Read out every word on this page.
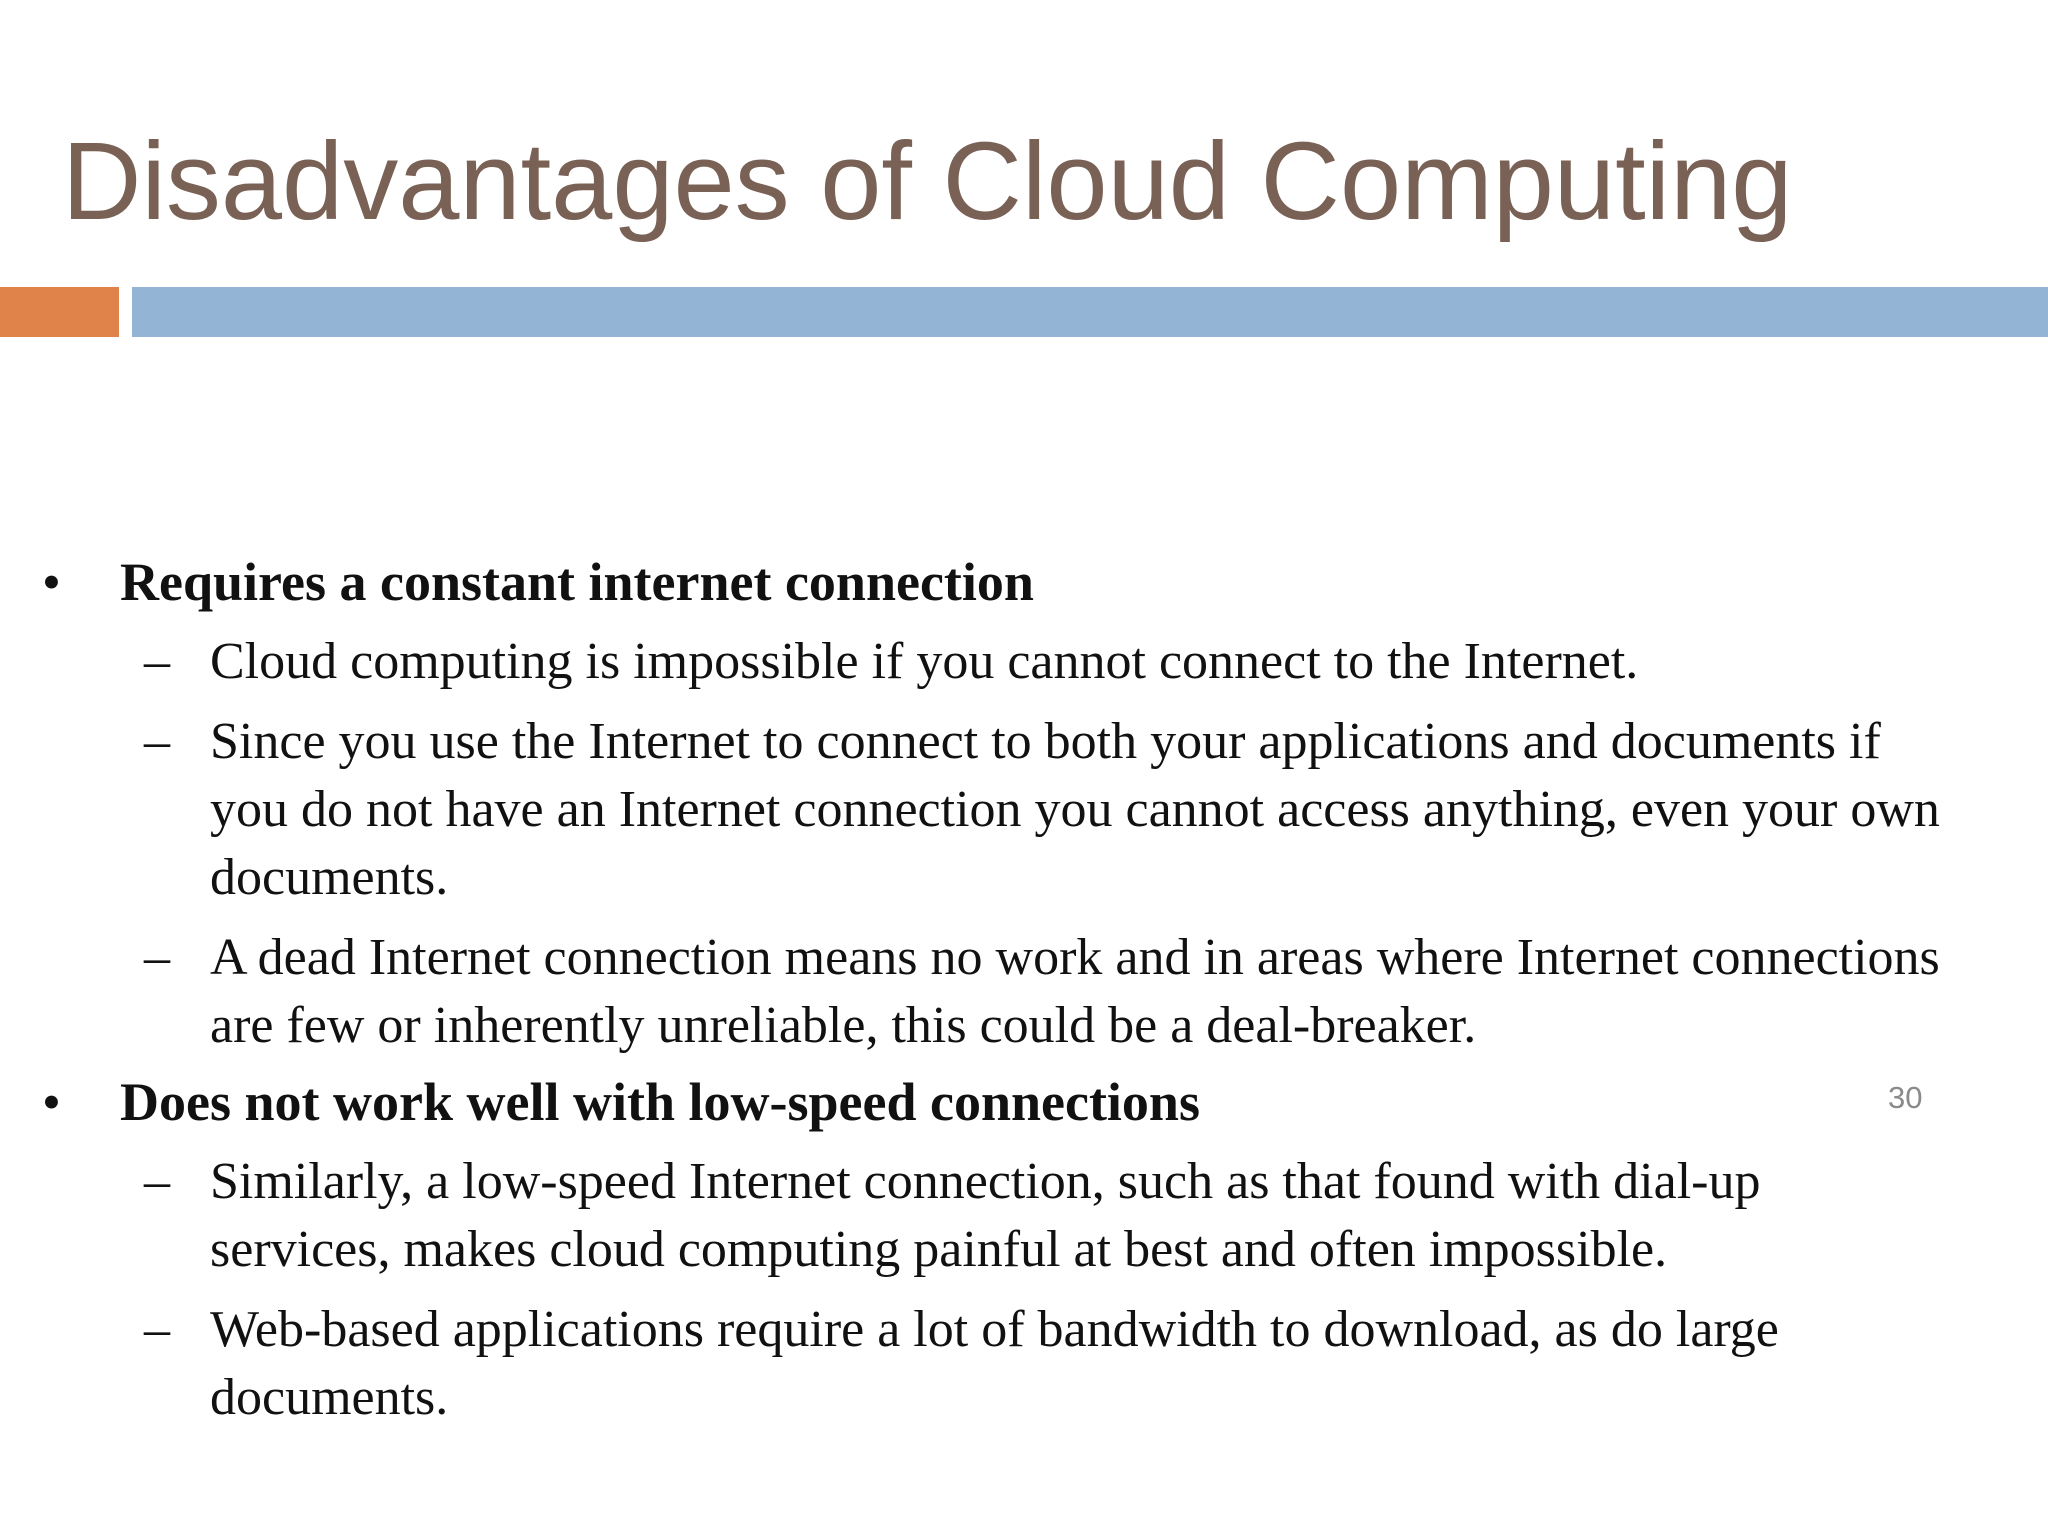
Disadvantages of Cloud Computing
• Requires a constant internet connection
– Cloud computing is impossible if you cannot connect to the Internet.
– Since you use the Internet to connect to both your applications and documents if you do not have an Internet connection you cannot access anything, even your own documents.
– A dead Internet connection means no work and in areas where Internet connections are few or inherently unreliable, this could be a deal-breaker.
• Does not work well with low-speed connections
– Similarly, a low-speed Internet connection, such as that found with dial-up services, makes cloud computing painful at best and often impossible.
– Web-based applications require a lot of bandwidth to download, as do large documents.
30
